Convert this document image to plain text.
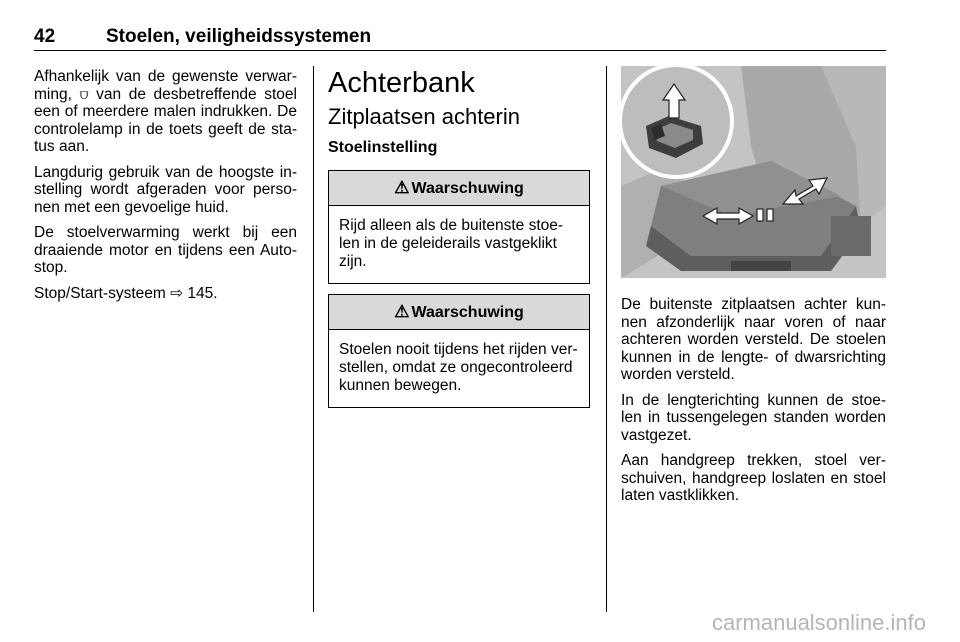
42	Stoelen, veiligheidssystemen

Afhankelijk van de gewenste verwar-ming, ⩌ van de desbetreffende stoel een of meerdere malen indrukken. De controlelamp in de toets geeft de sta-tus aan.

Langdurig gebruik van de hoogste in-stelling wordt afgeraden voor perso-nen met een gevoelige huid.

De stoelverwarming werkt bij een draaiende motor en tijdens een Auto-stop.

Stop/Start-systeem ⇨ 145.

Achterbank
Zitplaatsen achterin
Stoelinstelling
⚠ Waarschuwing
Rijd alleen als de buitenste stoe-len in de geleiderails vastgeklikt zijn.
⚠ Waarschuwing
Stoelen nooit tijdens het rijden ver-stellen, omdat ze ongecontroleerd kunnen bewegen.

De buitenste zitplaatsen achter kun-nen afzonderlijk naar voren of naar achteren worden versteld. De stoelen kunnen in de lengte- of dwarsrichting worden versteld.

In de lengterichting kunnen de stoe-len in tussengelegen standen worden vastgezet.

Aan handgreep trekken, stoel ver-schuiven, handgreep loslaten en stoel laten vastklikken.

carmanualsonline.info
